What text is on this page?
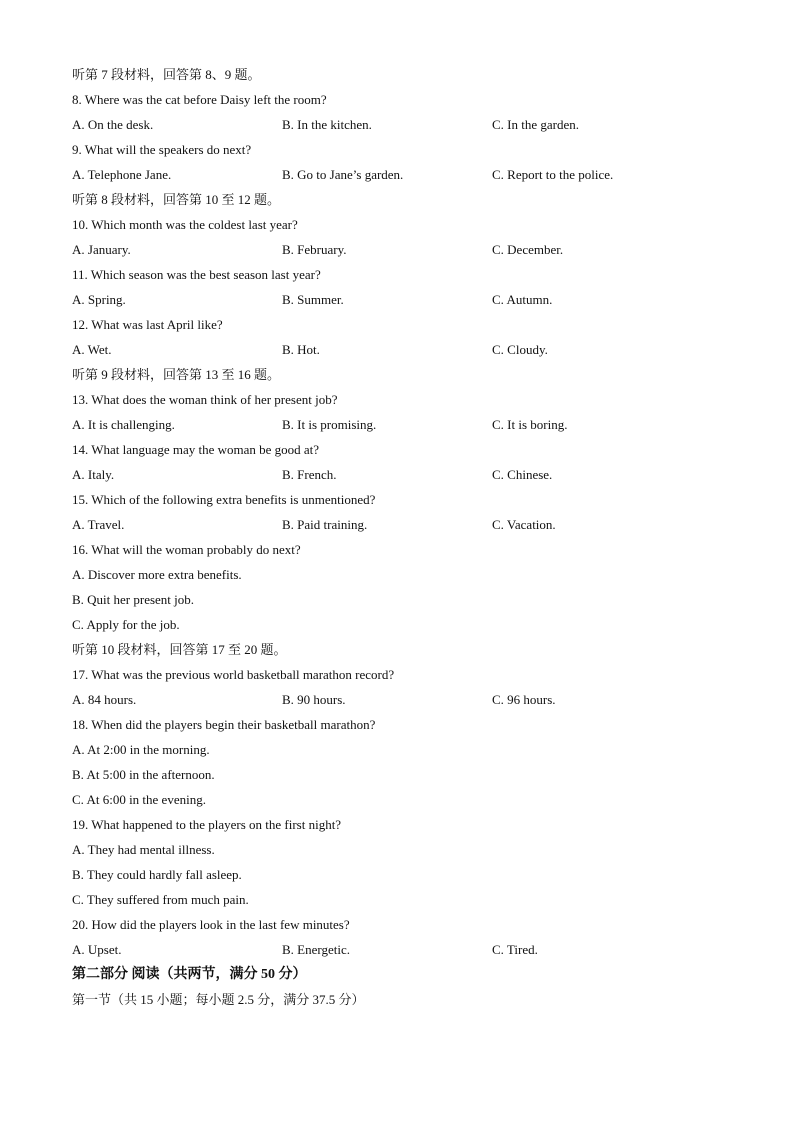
听第 7 段材料，回答第 8、9 题。
8. Where was the cat before Daisy left the room?
A. On the desk.	B. In the kitchen.	C. In the garden.
9. What will the speakers do next?
A. Telephone Jane.	B. Go to Jane’s garden.	C. Report to the police.
听第 8 段材料，回答第 10 至 12 题。
10. Which month was the coldest last year?
A. January.	B. February.	C. December.
11. Which season was the best season last year?
A. Spring.	B. Summer.	C. Autumn.
12. What was last April like?
A. Wet.	B. Hot.	C. Cloudy.
听第 9 段材料，回答第 13 至 16 题。
13. What does the woman think of her present job?
A. It is challenging.	B. It is promising.	C. It is boring.
14. What language may the woman be good at?
A. Italy.	B. French.	C. Chinese.
15. Which of the following extra benefits is unmentioned?
A. Travel.	B. Paid training.	C. Vacation.
16. What will the woman probably do next?
A. Discover more extra benefits.
B. Quit her present job.
C. Apply for the job.
听第 10 段材料，回答第 17 至 20 题。
17. What was the previous world basketball marathon record?
A. 84 hours.	B. 90 hours.	C. 96 hours.
18. When did the players begin their basketball marathon?
A. At 2:00 in the morning.
B. At 5:00 in the afternoon.
C. At 6:00 in the evening.
19. What happened to the players on the first night?
A. They had mental illness.
B. They could hardly fall asleep.
C. They suffered from much pain.
20. How did the players look in the last few minutes?
A. Upset.	B. Energetic.	C. Tired.
第二部分 阅读（共两节，满分 50 分）
第一节（共 15 小题；每小题 2.5 分，满分 37.5 分）
